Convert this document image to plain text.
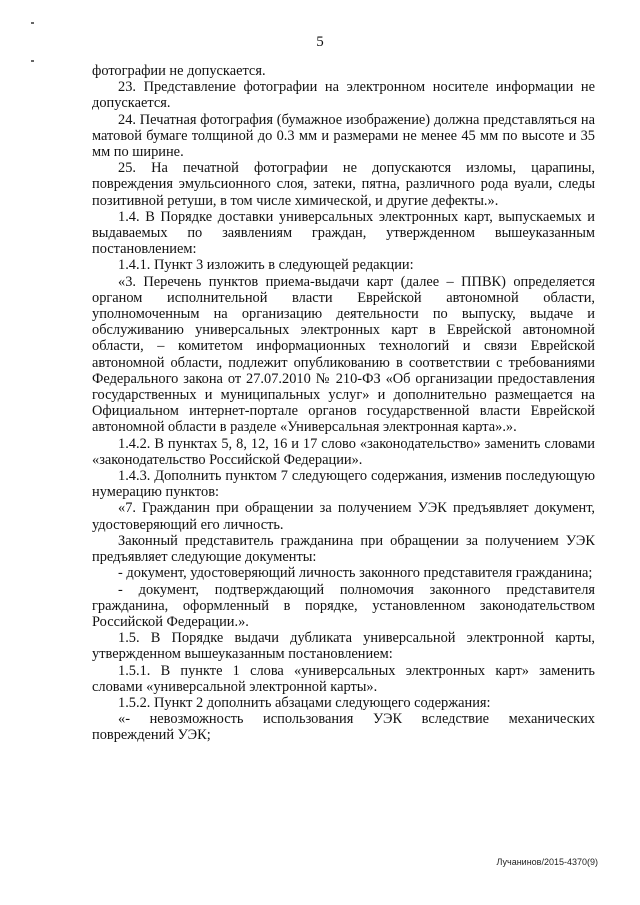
5

фотографии не допускается.

23. Представление фотографии на электронном носителе информации не допускается.

24. Печатная фотография (бумажное изображение) должна представляться на матовой бумаге толщиной до 0.3 мм и размерами не менее 45 мм по высоте и 35 мм по ширине.

25. На печатной фотографии не допускаются изломы, царапины, повреждения эмульсионного слоя, затеки, пятна, различного рода вуали, следы позитивной ретуши, в том числе химической, и другие дефекты.».

1.4. В Порядке доставки универсальных электронных карт, выпускаемых и выдаваемых по заявлениям граждан, утвержденном вышеуказанным постановлением:

1.4.1. Пункт 3 изложить в следующей редакции:

«3. Перечень пунктов приема-выдачи карт (далее – ППВК) определяется органом исполнительной власти Еврейской автономной области, уполномоченным на организацию деятельности по выпуску, выдаче и обслуживанию универсальных электронных карт в Еврейской автономной области, – комитетом информационных технологий и связи Еврейской автономной области, подлежит опубликованию в соответствии с требованиями Федерального закона от 27.07.2010 № 210-ФЗ «Об организации предоставления государственных и муниципальных услуг» и дополнительно размещается на Официальном интернет-портале органов государственной власти Еврейской автономной области в разделе «Универсальная электронная карта».».

1.4.2. В пунктах 5, 8, 12, 16 и 17 слово «законодательство» заменить словами «законодательство Российской Федерации».

1.4.3. Дополнить пунктом 7 следующего содержания, изменив последующую нумерацию пунктов:

«7. Гражданин при обращении за получением УЭК предъявляет документ, удостоверяющий его личность.

Законный представитель гражданина при обращении за получением УЭК предъявляет следующие документы:

- документ, удостоверяющий личность законного представителя гражданина;

- документ, подтверждающий полномочия законного представителя гражданина, оформленный в порядке, установленном законодательством Российской Федерации.».

1.5. В Порядке выдачи дубликата универсальной электронной карты, утвержденном вышеуказанным постановлением:

1.5.1. В пункте 1 слова «универсальных электронных карт» заменить словами «универсальной электронной карты».

1.5.2. Пункт 2 дополнить абзацами следующего содержания:

«- невозможность использования УЭК вследствие механических повреждений УЭК;

Лучанинов/2015-4370(9)
